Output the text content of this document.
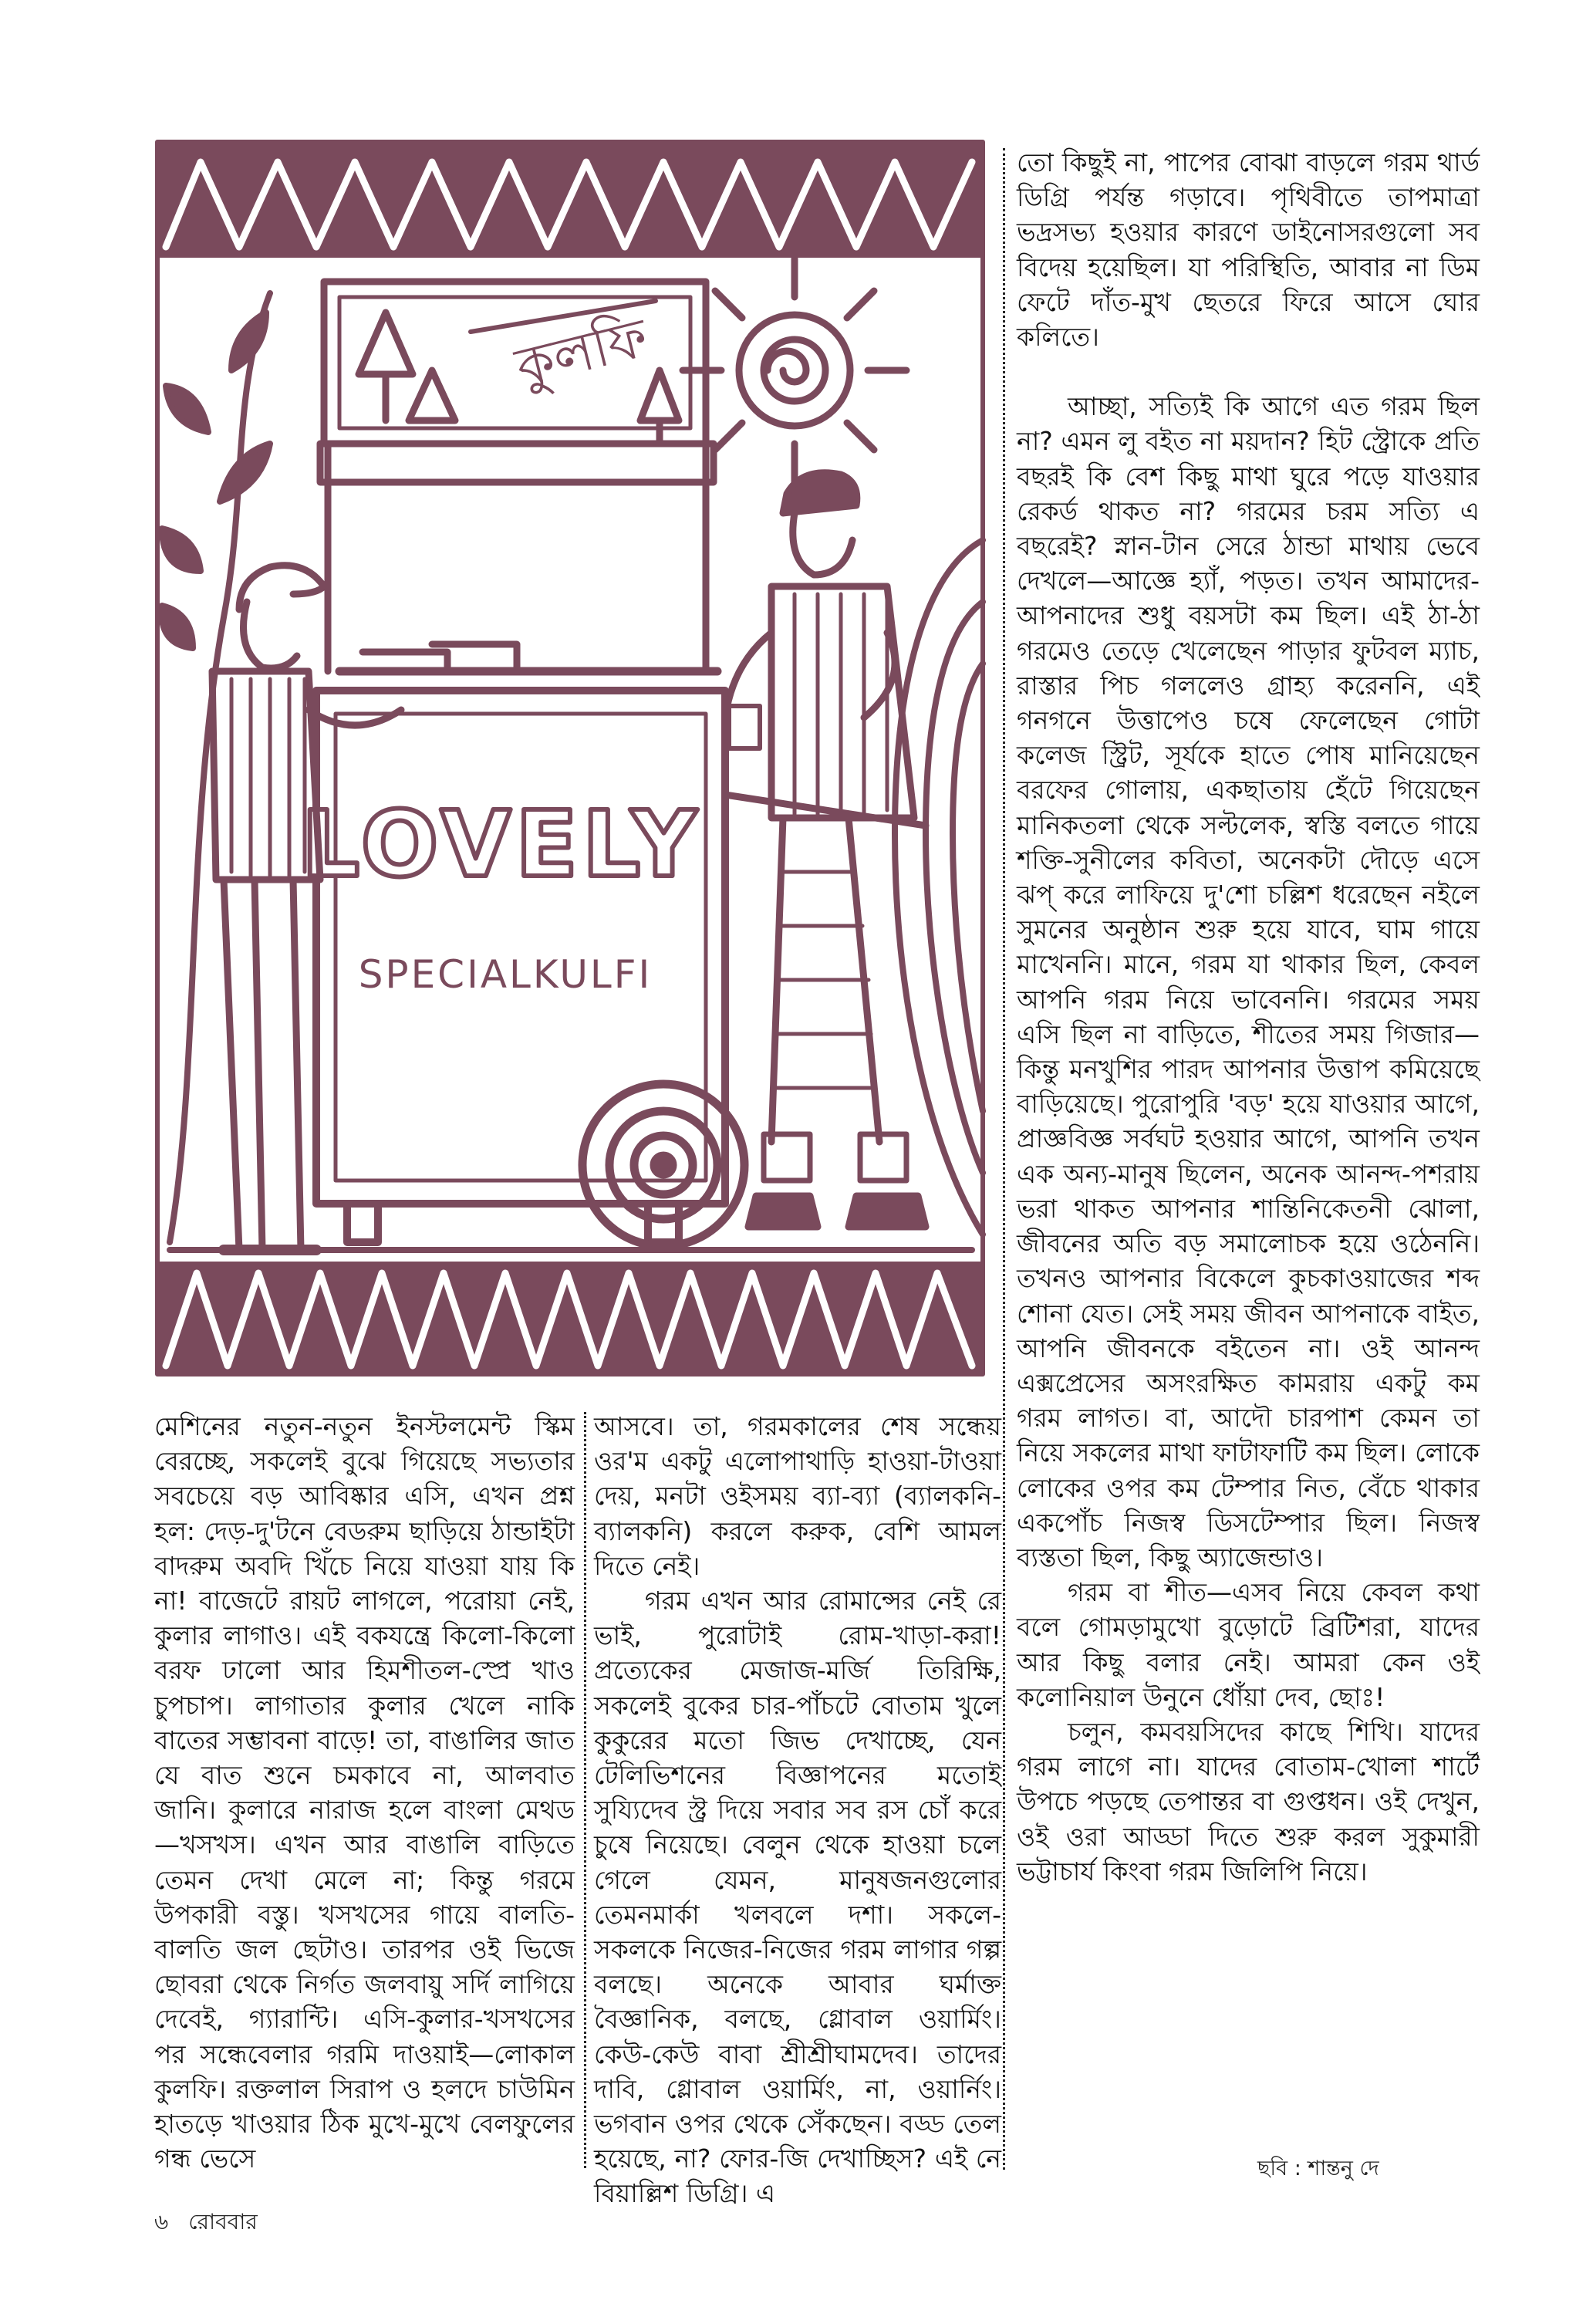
কুলফি
LOVELY
SPECIALKULFI

তো কিছুই না, পাপের বোঝা বাড়লে গরম থার্ড ডিগ্রি পর্যন্ত গড়াবে। পৃথিবীতে তাপমাত্রা ভদ্রসভ্য হওয়ার কারণে ডাইনোসরগুলো সব বিদেয় হয়েছিল। যা পরিস্থিতি, আবার না ডিম ফেটে দাঁত-মুখ ছেতরে ফিরে আসে ঘোর কলিতে।

আচ্ছা, সত্যিই কি আগে এত গরম ছিল না? এমন লু বইত না ময়দান? হিট স্ট্রোকে প্রতি বছরই কি বেশ কিছু মাথা ঘুরে পড়ে যাওয়ার রেকর্ড থাকত না? গরমের চরম সত্যি এ বছরেই? স্নান-টান সেরে ঠান্ডা মাথায় ভেবে দেখলে—আজ্ঞে হ্যাঁ, পড়ত। তখন আমাদের-আপনাদের শুধু বয়সটা কম ছিল। এই ঠা-ঠা গরমেও তেড়ে খেলেছেন পাড়ার ফুটবল ম্যাচ, রাস্তার পিচ গললেও গ্রাহ্য করেননি, এই গনগনে উত্তাপেও চষে ফেলেছেন গোটা কলেজ স্ট্রিট, সূর্যকে হাতে পোষ মানিয়েছেন বরফের গোলায়, একছাতায় হেঁটে গিয়েছেন মানিকতলা থেকে সল্টলেক, স্বস্তি বলতে গায়ে শক্তি-সুনীলের কবিতা, অনেকটা দৌড়ে এসে ঝপ্ করে লাফিয়ে দু'শো চল্লিশ ধরেছেন নইলে সুমনের অনুষ্ঠান শুরু হয়ে যাবে, ঘাম গায়ে মাখেননি। মানে, গরম যা থাকার ছিল, কেবল আপনি গরম নিয়ে ভাবেননি। গরমের সময় এসি ছিল না বাড়িতে, শীতের সময় গিজার—কিন্তু মনখুশির পারদ আপনার উত্তাপ কমিয়েছে বাড়িয়েছে। পুরোপুরি 'বড়' হয়ে যাওয়ার আগে, প্রাজ্ঞবিজ্ঞ সর্বঘট হওয়ার আগে, আপনি তখন এক অন্য-মানুষ ছিলেন, অনেক আনন্দ-পশরায় ভরা থাকত আপনার শান্তিনিকেতনী ঝোলা, জীবনের অতি বড় সমালোচক হয়ে ওঠেননি। তখনও আপনার বিকেলে কুচকাওয়াজের শব্দ শোনা যেত। সেই সময় জীবন আপনাকে বাইত, আপনি জীবনকে বইতেন না। ওই আনন্দ এক্সপ্রেসের অসংরক্ষিত কামরায় একটু কম গরম লাগত। বা, আদৌ চারপাশ কেমন তা নিয়ে সকলের মাথা ফাটাফাটি কম ছিল। লোকে লোকের ওপর কম টেম্পার নিত, বেঁচে থাকার একপোঁচ নিজস্ব ডিসটেম্পার ছিল। নিজস্ব ব্যস্ততা ছিল, কিছু অ্যাজেন্ডাও।

গরম বা শীত—এসব নিয়ে কেবল কথা বলে গোমড়ামুখো বুড়োটে ব্রিটিশরা, যাদের আর কিছু বলার নেই। আমরা কেন ওই কলোনিয়াল উনুনে ধোঁয়া দেব, ছোঃ!

চলুন, কমবয়সিদের কাছে শিখি। যাদের গরম লাগে না। যাদের বোতাম-খোলা শার্টে উপচে পড়ছে তেপান্তর বা গুপ্তধন। ওই দেখুন, ওই ওরা আড্ডা দিতে শুরু করল সুকুমারী ভট্টাচার্য কিংবা গরম জিলিপি নিয়ে।

মেশিনের নতুন-নতুন ইনস্টলমেন্ট স্কিম বেরচ্ছে, সকলেই বুঝে গিয়েছে সভ্যতার সবচেয়ে বড় আবিষ্কার এসি, এখন প্রশ্ন হল: দেড়-দু'টনে বেডরুম ছাড়িয়ে ঠান্ডাইটা বাদরুম অবদি খিঁচে নিয়ে যাওয়া যায় কি না! বাজেটে রায়ট লাগলে, পরোয়া নেই, কুলার লাগাও। এই বকযন্ত্রে কিলো-কিলো বরফ ঢালো আর হিমশীতল-স্প্রে খাও চুপচাপ। লাগাতার কুলার খেলে নাকি বাতের সম্ভাবনা বাড়ে! তা, বাঙালির জাত যে বাত শুনে চমকাবে না, আলবাত জানি। কুলারে নারাজ হলে বাংলা মেথড—খসখস। এখন আর বাঙালি বাড়িতে তেমন দেখা মেলে না; কিন্তু গরমে উপকারী বস্তু। খসখসের গায়ে বালতি-বালতি জল ছেটাও। তারপর ওই ভিজে ছোবরা থেকে নির্গত জলবায়ু সর্দি লাগিয়ে দেবেই, গ্যারান্টি। এসি-কুলার-খসখসের পর সন্ধেবেলার গরমি দাওয়াই—লোকাল কুলফি। রক্তলাল সিরাপ ও হলদে চাউমিন হাতড়ে খাওয়ার ঠিক মুখে-মুখে বেলফুলের গন্ধ ভেসে

আসবে। তা, গরমকালের শেষ সন্ধেয় ওর'ম একটু এলোপাথাড়ি হাওয়া-টাওয়া দেয়, মনটা ওইসময় ব্যা-ব্যা (ব্যালকনি-ব্যালকনি) করলে করুক, বেশি আমল দিতে নেই।

গরম এখন আর রোমান্সের নেই রে ভাই, পুরোটাই রোম-খাড়া-করা! প্রত্যেকের মেজাজ-মর্জি তিরিক্ষি, সকলেই বুকের চার-পাঁচটে বোতাম খুলে কুকুরের মতো জিভ দেখাচ্ছে, যেন টেলিভিশনের বিজ্ঞাপনের মতোই সুয্যিদেব স্ট্র দিয়ে সবার সব রস চোঁ করে চুষে নিয়েছে। বেলুন থেকে হাওয়া চলে গেলে যেমন, মানুষজনগুলোর তেমনমার্কা খলবলে দশা। সকলে-সকলকে নিজের-নিজের গরম লাগার গল্প বলছে। অনেকে আবার ঘর্মাক্ত বৈজ্ঞানিক, বলছে, গ্লোবাল ওয়ার্মিং। কেউ-কেউ বাবা শ্রীশ্রীঘামদেব। তাদের দাবি, গ্লোবাল ওয়ার্মিং, না, ওয়ার্নিং। ভগবান ওপর থেকে সেঁকছেন। বড্ড তেল হয়েছে, না? ফোর-জি দেখাচ্ছিস? এই নে বিয়াল্লিশ ডিগ্রি। এ

ছবি : শান্তনু দে
৬ রোববার
